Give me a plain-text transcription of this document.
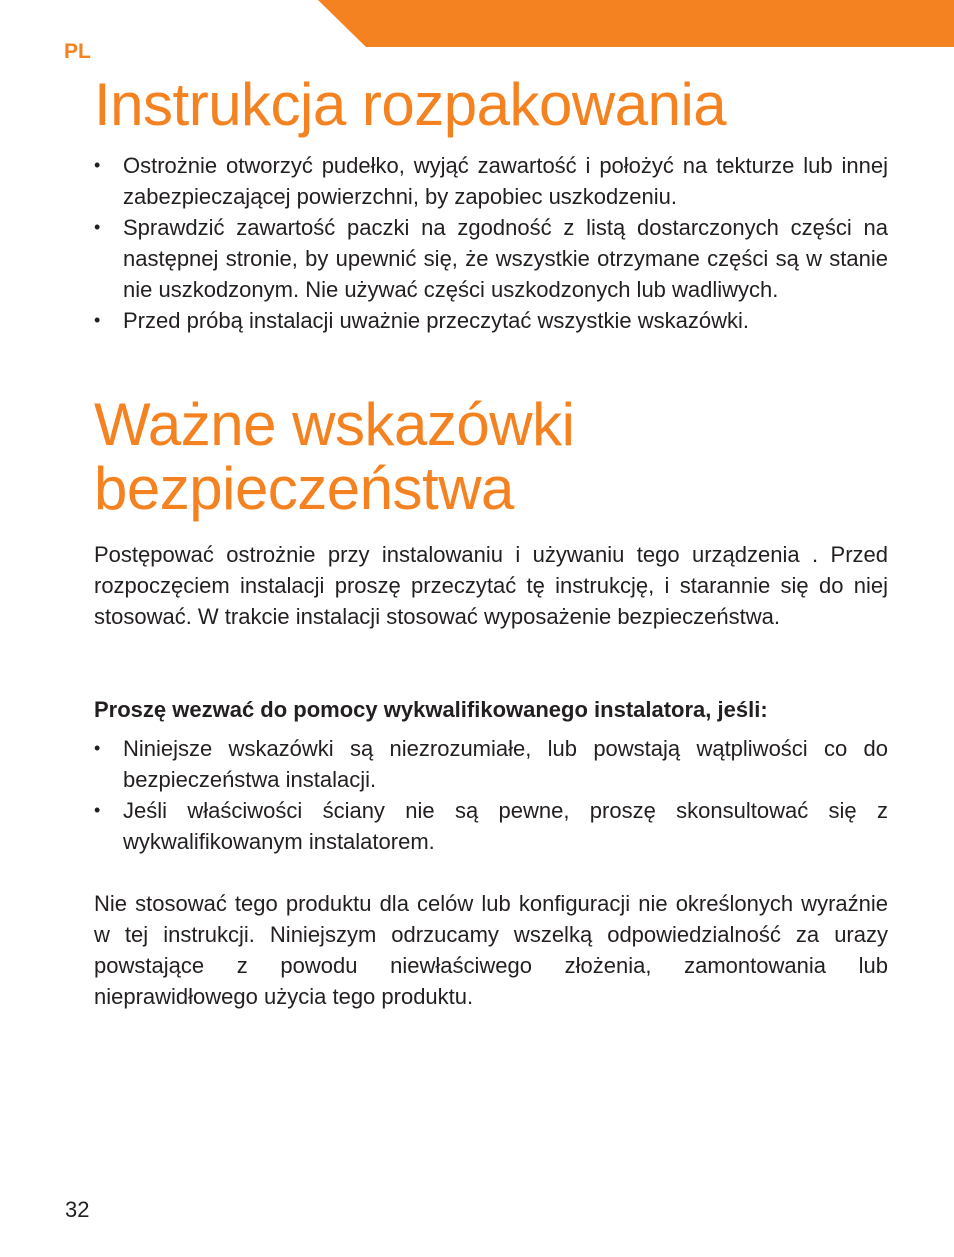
PL
Instrukcja rozpakowania
• Ostrożnie otworzyć pudełko, wyjąć zawartość i położyć na tekturze lub innej zabezpieczającej powierzchni, by zapobiec uszkodzeniu.
• Sprawdzić zawartość paczki na zgodność z listą dostarczonych części na następnej stronie, by upewnić się, że wszystkie otrzymane części są w stanie nie uszkodzonym. Nie używać części uszkodzonych lub wadliwych.
• Przed próbą instalacji uważnie przeczytać wszystkie wskazówki.
Ważne wskazówki bezpieczeństwa

Postępować ostrożnie przy instalowaniu i używaniu tego urządzenia . Przed rozpoczęciem instalacji proszę przeczytać tę instrukcję, i starannie się do niej stosować. W trakcie instalacji stosować wyposażenie bezpieczeństwa.

Proszę wezwać do pomocy wykwalifikowanego instalatora, jeśli:

• Niniejsze wskazówki są niezrozumiałe, lub powstają wątpliwości co do bezpieczeństwa instalacji.
• Jeśli właściwości ściany nie są pewne, proszę skonsultować się z wykwalifikowanym instalatorem.

Nie stosować tego produktu dla celów lub konfiguracji nie określonych wyraźnie w tej instrukcji. Niniejszym odrzucamy wszelką odpowiedzialność za urazy powstające z powodu niewłaściwego złożenia, zamontowania lub nieprawidłowego użycia tego produktu.

32
